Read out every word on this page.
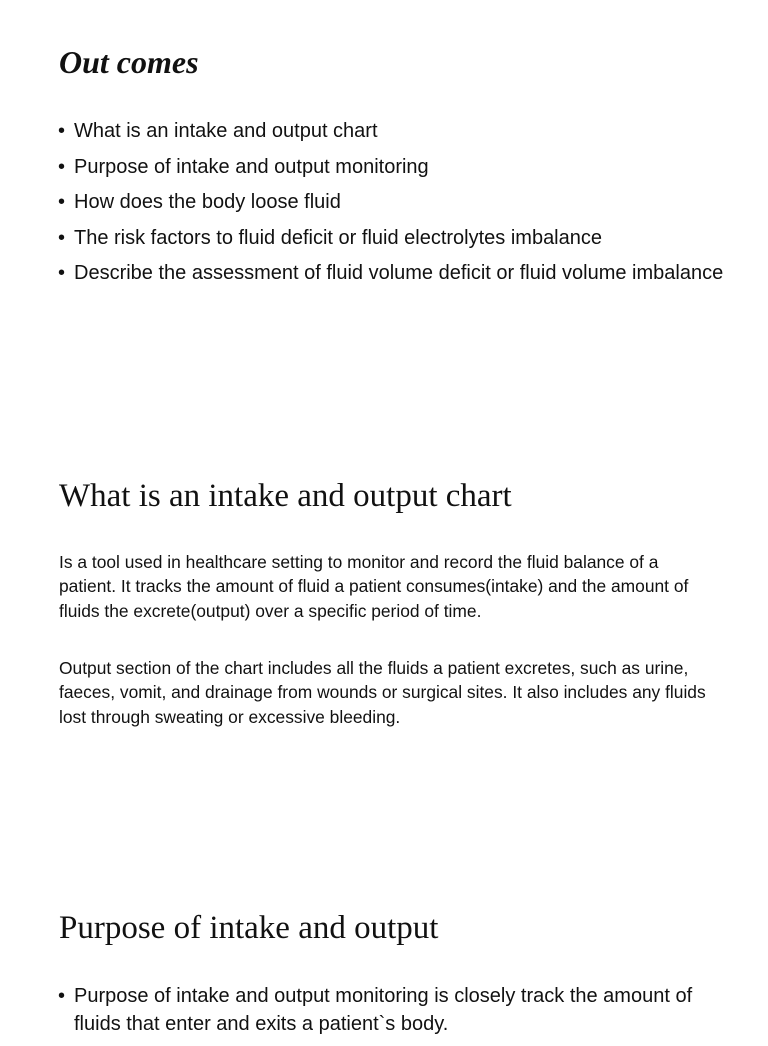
Out comes
• What is an intake and output chart
• Purpose of intake and output monitoring
• How does the body loose fluid
• The risk factors to fluid deficit or fluid electrolytes imbalance
• Describe the assessment of fluid volume deficit or fluid volume imbalance
What is an intake and output chart

Is a tool used in healthcare setting to monitor and record the fluid balance of a patient. It tracks the amount of fluid a patient consumes(intake) and the amount of fluids the excrete(output) over a specific period of time.

Output section of the chart includes all the fluids a patient excretes, such as urine, faeces, vomit, and drainage from wounds or surgical sites. It also includes any fluids lost through sweating or excessive bleeding.

Purpose of intake and output
• Purpose of intake and output monitoring is closely track the amount of fluids that enter and exits a patient`s body.
